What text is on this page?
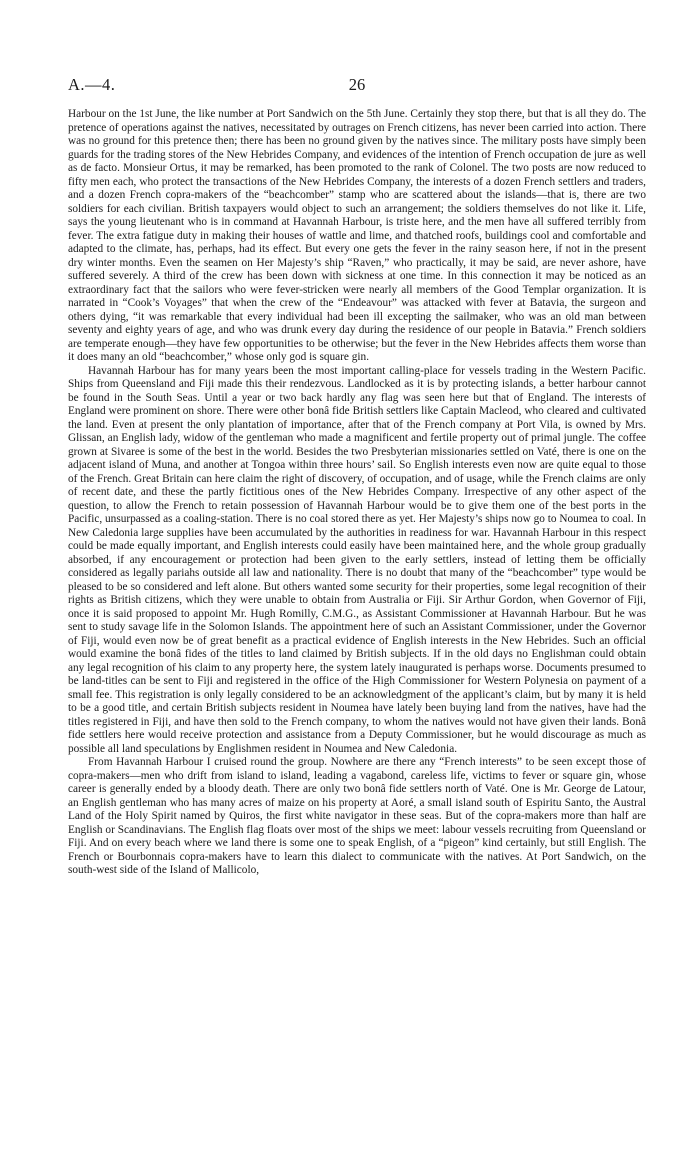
A.—4.	26

Harbour on the 1st June, the like number at Port Sandwich on the 5th June. Certainly they stop there, but that is all they do. The pretence of operations against the natives, necessitated by outrages on French citizens, has never been carried into action. There was no ground for this pretence then; there has been no ground given by the natives since. The military posts have simply been guards for the trading stores of the New Hebrides Company, and evidences of the intention of French occupation de jure as well as de facto. Monsieur Ortus, it may be remarked, has been promoted to the rank of Colonel. The two posts are now reduced to fifty men each, who protect the transactions of the New Hebrides Company, the interests of a dozen French settlers and traders, and a dozen French copra-makers of the “beachcomber” stamp who are scattered about the islands—that is, there are two soldiers for each civilian. British taxpayers would object to such an arrangement; the soldiers themselves do not like it. Life, says the young lieutenant who is in command at Havannah Harbour, is triste here, and the men have all suffered terribly from fever. The extra fatigue duty in making their houses of wattle and lime, and thatched roofs, buildings cool and comfortable and adapted to the climate, has, perhaps, had its effect. But every one gets the fever in the rainy season here, if not in the present dry winter months. Even the seamen on Her Majesty’s ship “Raven,” who practically, it may be said, are never ashore, have suffered severely. A third of the crew has been down with sickness at one time. In this connection it may be noticed as an extraordinary fact that the sailors who were fever-stricken were nearly all members of the Good Templar organization. It is narrated in “Cook’s Voyages” that when the crew of the “Endeavour” was attacked with fever at Batavia, the surgeon and others dying, “it was remarkable that every individual had been ill excepting the sailmaker, who was an old man between seventy and eighty years of age, and who was drunk every day during the residence of our people in Batavia.” French soldiers are temperate enough—they have few opportunities to be otherwise; but the fever in the New Hebrides affects them worse than it does many an old “beachcomber,” whose only god is square gin.

Havannah Harbour has for many years been the most important calling-place for vessels trading in the Western Pacific. Ships from Queensland and Fiji made this their rendezvous. Landlocked as it is by protecting islands, a better harbour cannot be found in the South Seas. Until a year or two back hardly any flag was seen here but that of England. The interests of England were prominent on shore. There were other bonâ fide British settlers like Captain Macleod, who cleared and cultivated the land. Even at present the only plantation of importance, after that of the French company at Port Vila, is owned by Mrs. Glissan, an English lady, widow of the gentleman who made a magnificent and fertile property out of primal jungle. The coffee grown at Sivaree is some of the best in the world. Besides the two Presbyterian missionaries settled on Vaté, there is one on the adjacent island of Muna, and another at Tongoa within three hours’ sail. So English interests even now are quite equal to those of the French. Great Britain can here claim the right of discovery, of occupation, and of usage, while the French claims are only of recent date, and these the partly fictitious ones of the New Hebrides Company. Irrespective of any other aspect of the question, to allow the French to retain possession of Havannah Harbour would be to give them one of the best ports in the Pacific, unsurpassed as a coaling-station. There is no coal stored there as yet. Her Majesty’s ships now go to Noumea to coal. In New Caledonia large supplies have been accumulated by the authorities in readiness for war. Havannah Harbour in this respect could be made equally important, and English interests could easily have been maintained here, and the whole group gradually absorbed, if any encouragement or protection had been given to the early settlers, instead of letting them be officially considered as legally pariahs outside all law and nationality. There is no doubt that many of the “beachcomber” type would be pleased to be so considered and left alone. But others wanted some security for their properties, some legal recognition of their rights as British citizens, which they were unable to obtain from Australia or Fiji. Sir Arthur Gordon, when Governor of Fiji, once it is said proposed to appoint Mr. Hugh Romilly, C.M.G., as Assistant Commissioner at Havannah Harbour. But he was sent to study savage life in the Solomon Islands. The appointment here of such an Assistant Commissioner, under the Governor of Fiji, would even now be of great benefit as a practical evidence of English interests in the New Hebrides. Such an official would examine the bonâ fides of the titles to land claimed by British subjects. If in the old days no Englishman could obtain any legal recognition of his claim to any property here, the system lately inaugurated is perhaps worse. Documents presumed to be land-titles can be sent to Fiji and registered in the office of the High Commissioner for Western Polynesia on payment of a small fee. This registration is only legally considered to be an acknowledgment of the applicant’s claim, but by many it is held to be a good title, and certain British subjects resident in Noumea have lately been buying land from the natives, have had the titles registered in Fiji, and have then sold to the French company, to whom the natives would not have given their lands. Bonâ fide settlers here would receive protection and assistance from a Deputy Commissioner, but he would discourage as much as possible all land speculations by Englishmen resident in Noumea and New Caledonia.

From Havannah Harbour I cruised round the group. Nowhere are there any “French interests” to be seen except those of copra-makers—men who drift from island to island, leading a vagabond, careless life, victims to fever or square gin, whose career is generally ended by a bloody death. There are only two bonâ fide settlers north of Vaté. One is Mr. George de Latour, an English gentleman who has many acres of maize on his property at Aoré, a small island south of Espiritu Santo, the Austral Land of the Holy Spirit named by Quiros, the first white navigator in these seas. But of the copra-makers more than half are English or Scandinavians. The English flag floats over most of the ships we meet: labour vessels recruiting from Queensland or Fiji. And on every beach where we land there is some one to speak English, of a “pigeon” kind certainly, but still English. The French or Bourbonnais copra-makers have to learn this dialect to communicate with the natives. At Port Sandwich, on the south-west side of the Island of Mallicolo,
